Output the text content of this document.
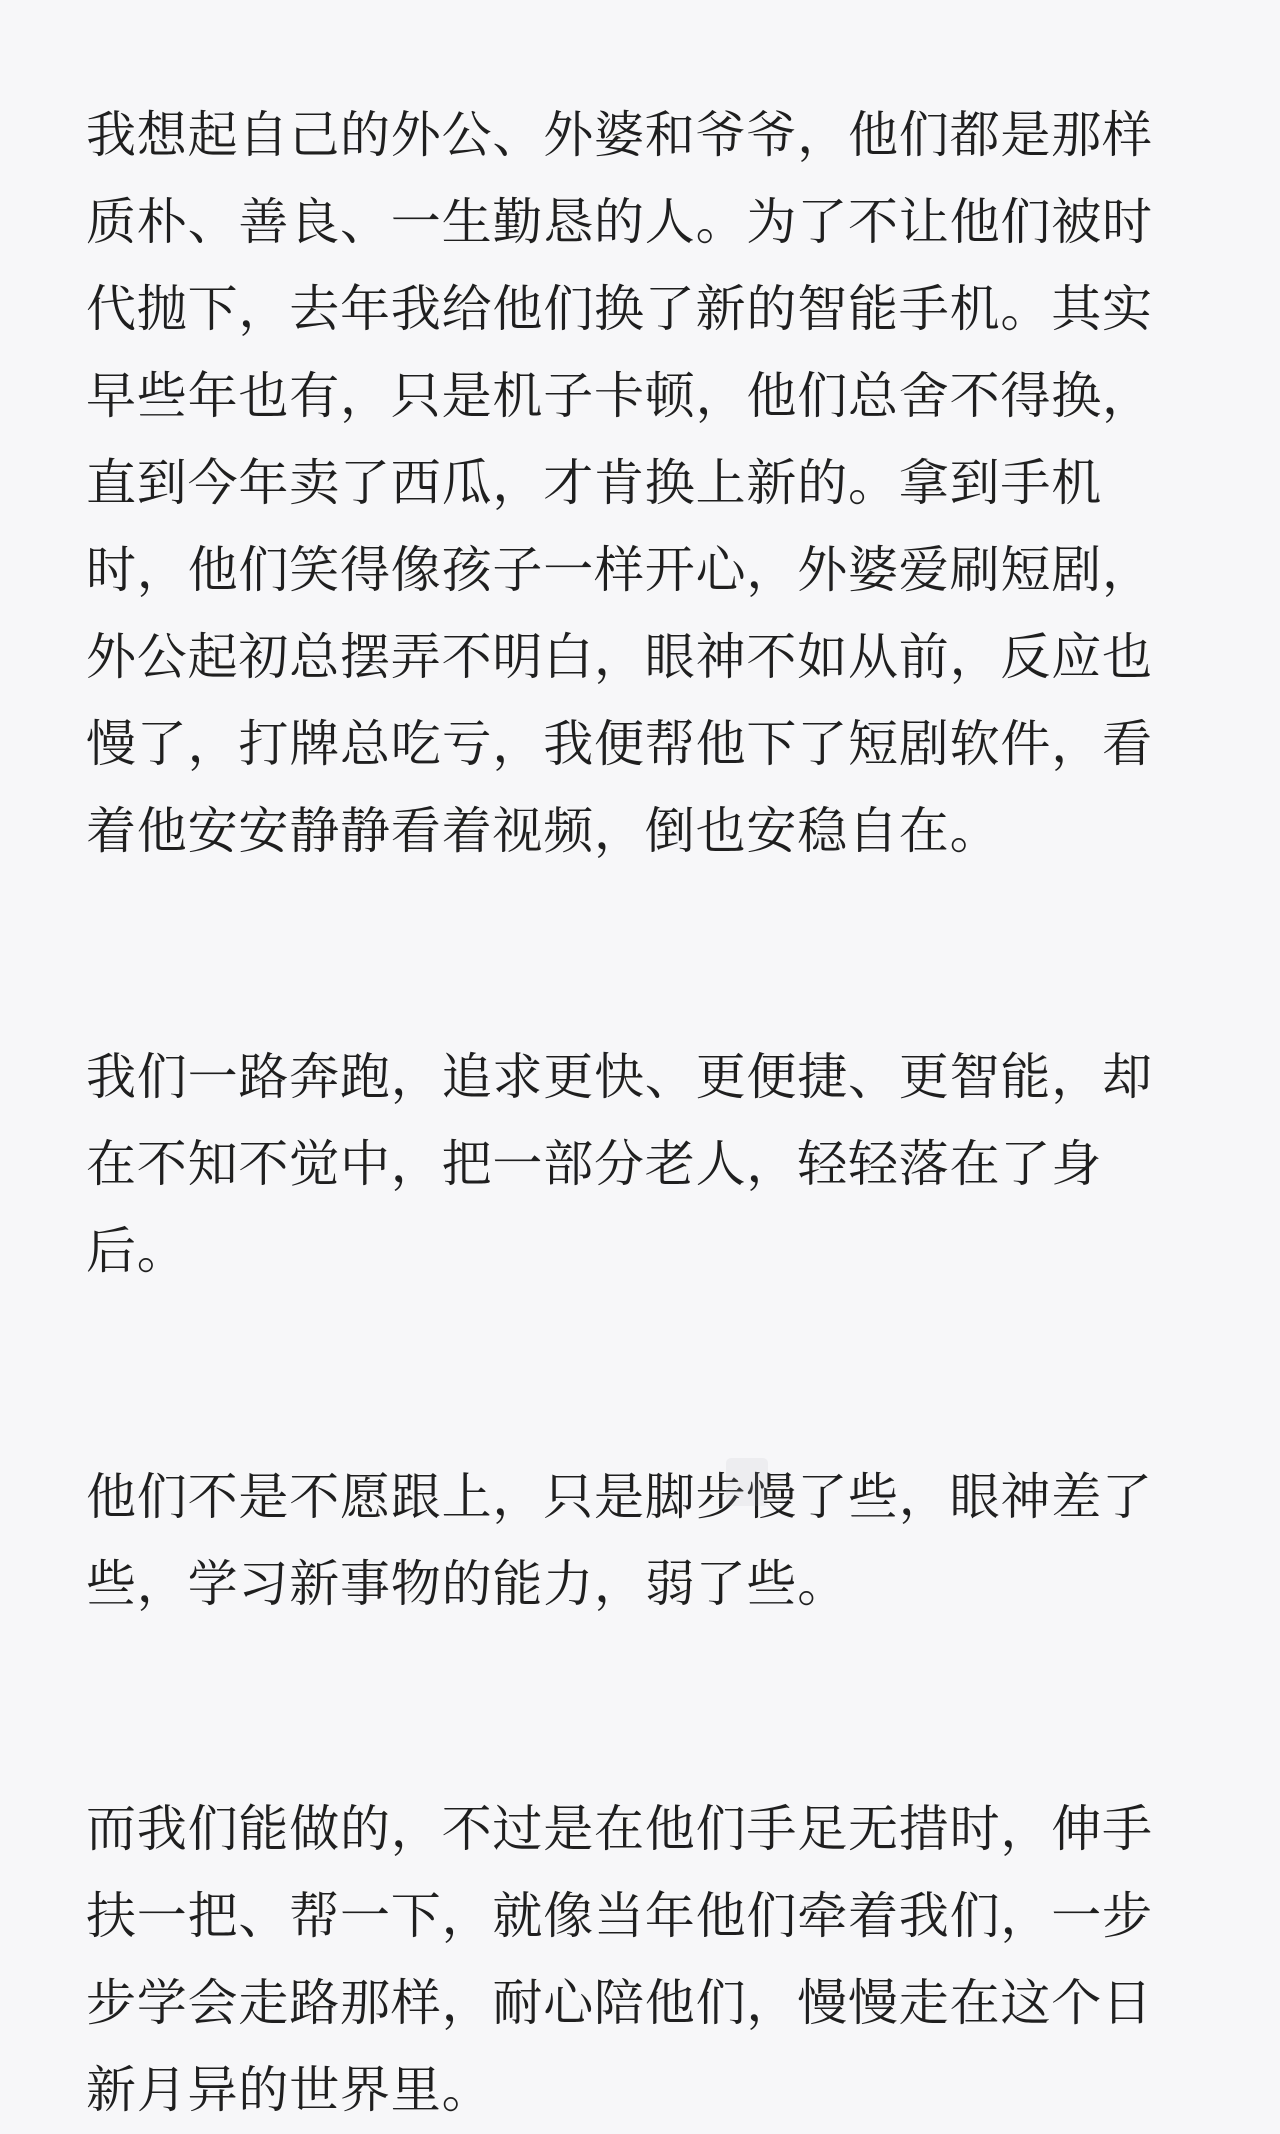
我想起自己的外公、外婆和爷爷，他们都是那样质朴、善良、一生勤恳的人。为了不让他们被时代抛下，去年我给他们换了新的智能手机。其实早些年也有，只是机子卡顿，他们总舍不得换，直到今年卖了西瓜，才肯换上新的。拿到手机时，他们笑得像孩子一样开心，外婆爱刷短剧，外公起初总摆弄不明白，眼神不如从前，反应也慢了，打牌总吃亏，我便帮他下了短剧软件，看着他安安静静看着视频，倒也安稳自在。

我们一路奔跑，追求更快、更便捷、更智能，却在不知不觉中，把一部分老人，轻轻落在了身后。

他们不是不愿跟上，只是脚步慢了些，眼神差了些，学习新事物的能力，弱了些。

而我们能做的，不过是在他们手足无措时，伸手扶一把、帮一下，就像当年他们牵着我们，一步步学会走路那样，耐心陪他们，慢慢走在这个日新月异的世界里。
